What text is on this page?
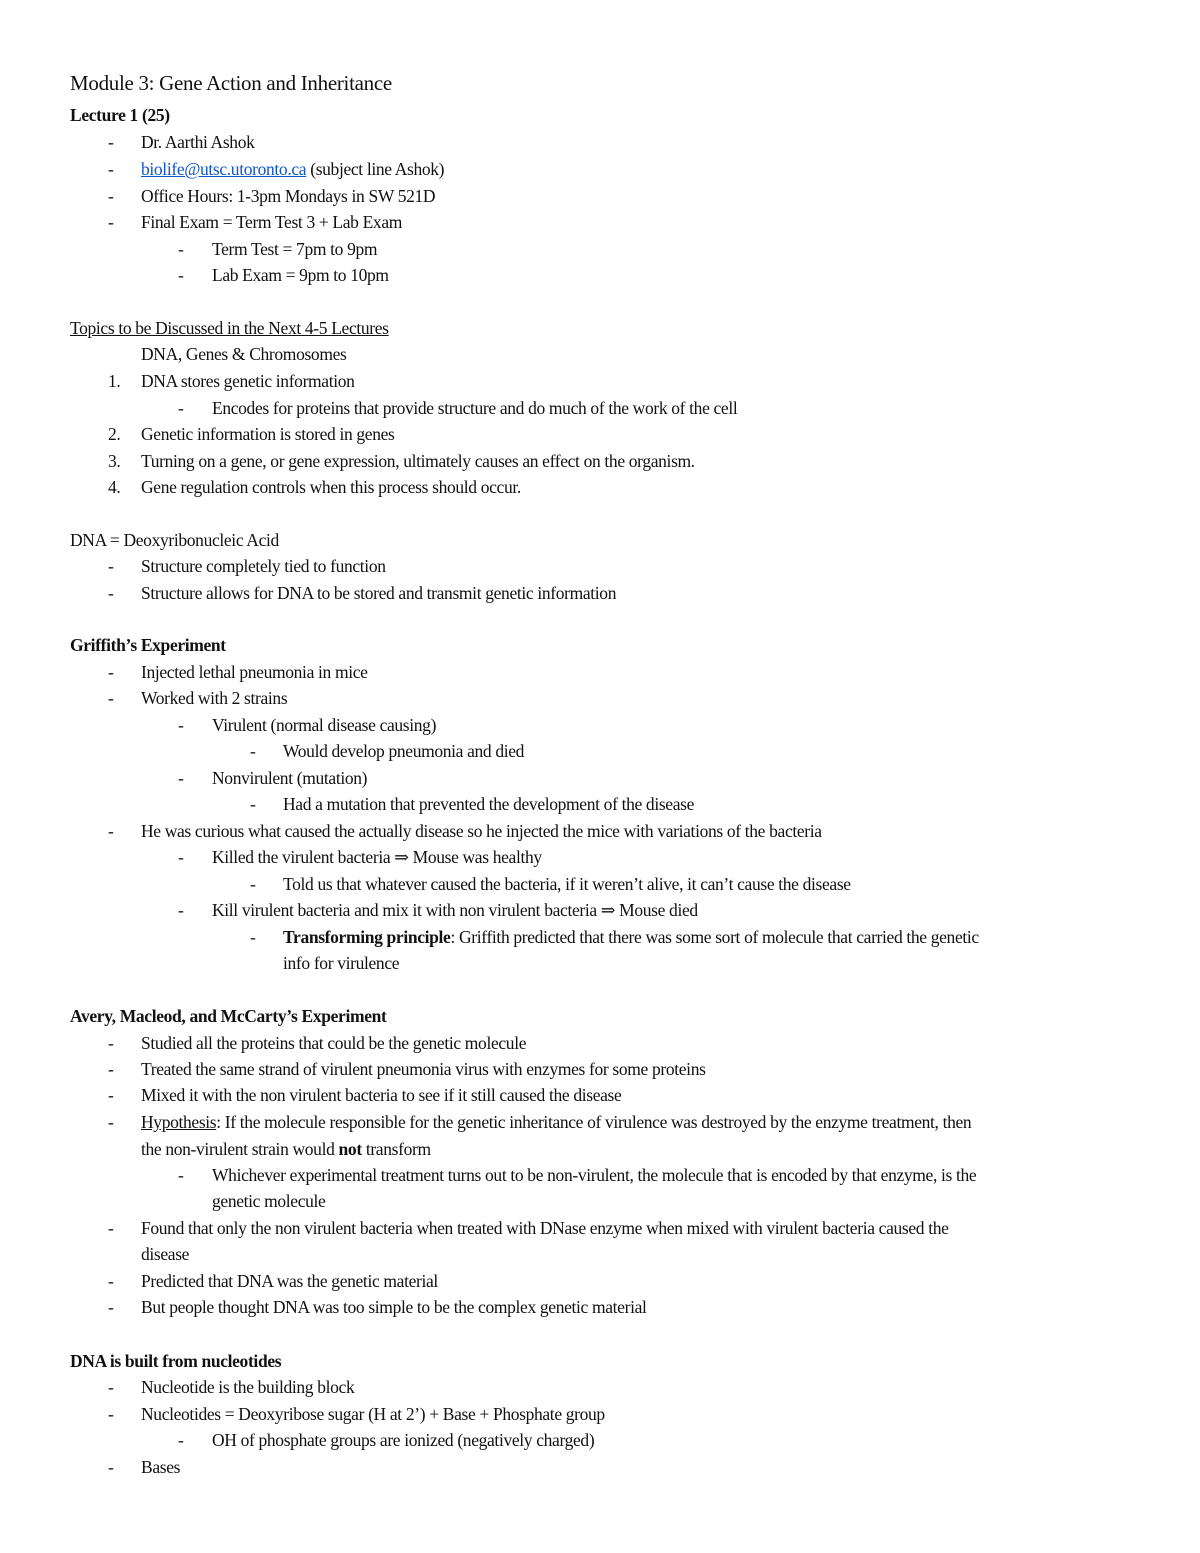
Module 3: Gene Action and Inheritance
Lecture 1 (25)
- Dr. Aarthi Ashok
- biolife@utsc.utoronto.ca (subject line Ashok)
- Office Hours: 1-3pm Mondays in SW 521D
- Final Exam = Term Test 3 + Lab Exam
- Term Test = 7pm to 9pm
- Lab Exam = 9pm to 10pm
Topics to be Discussed in the Next 4-5 Lectures
DNA, Genes & Chromosomes
1. DNA stores genetic information
- Encodes for proteins that provide structure and do much of the work of the cell
2. Genetic information is stored in genes
3. Turning on a gene, or gene expression, ultimately causes an effect on the organism.
4. Gene regulation controls when this process should occur.
DNA = Deoxyribonucleic Acid
- Structure completely tied to function
- Structure allows for DNA to be stored and transmit genetic information
Griffith’s Experiment
- Injected lethal pneumonia in mice
- Worked with 2 strains
- Virulent (normal disease causing)
- Would develop pneumonia and died
- Nonvirulent (mutation)
- Had a mutation that prevented the development of the disease
- He was curious what caused the actually disease so he injected the mice with variations of the bacteria
- Killed the virulent bacteria ⇒ Mouse was healthy
- Told us that whatever caused the bacteria, if it weren’t alive, it can’t cause the disease
- Kill virulent bacteria and mix it with non virulent bacteria ⇒ Mouse died
- Transforming principle: Griffith predicted that there was some sort of molecule that carried the genetic
info for virulence
Avery, Macleod, and McCarty’s Experiment
- Studied all the proteins that could be the genetic molecule
- Treated the same strand of virulent pneumonia virus with enzymes for some proteins
- Mixed it with the non virulent bacteria to see if it still caused the disease
- Hypothesis: If the molecule responsible for the genetic inheritance of virulence was destroyed by the enzyme treatment, then
the non-virulent strain would not transform
- Whichever experimental treatment turns out to be non-virulent, the molecule that is encoded by that enzyme, is the
genetic molecule
- Found that only the non virulent bacteria when treated with DNase enzyme when mixed with virulent bacteria caused the
disease
- Predicted that DNA was the genetic material
- But people thought DNA was too simple to be the complex genetic material
DNA is built from nucleotides
- Nucleotide is the building block
- Nucleotides = Deoxyribose sugar (H at 2’) + Base + Phosphate group
- OH of phosphate groups are ionized (negatively charged)
- Bases
